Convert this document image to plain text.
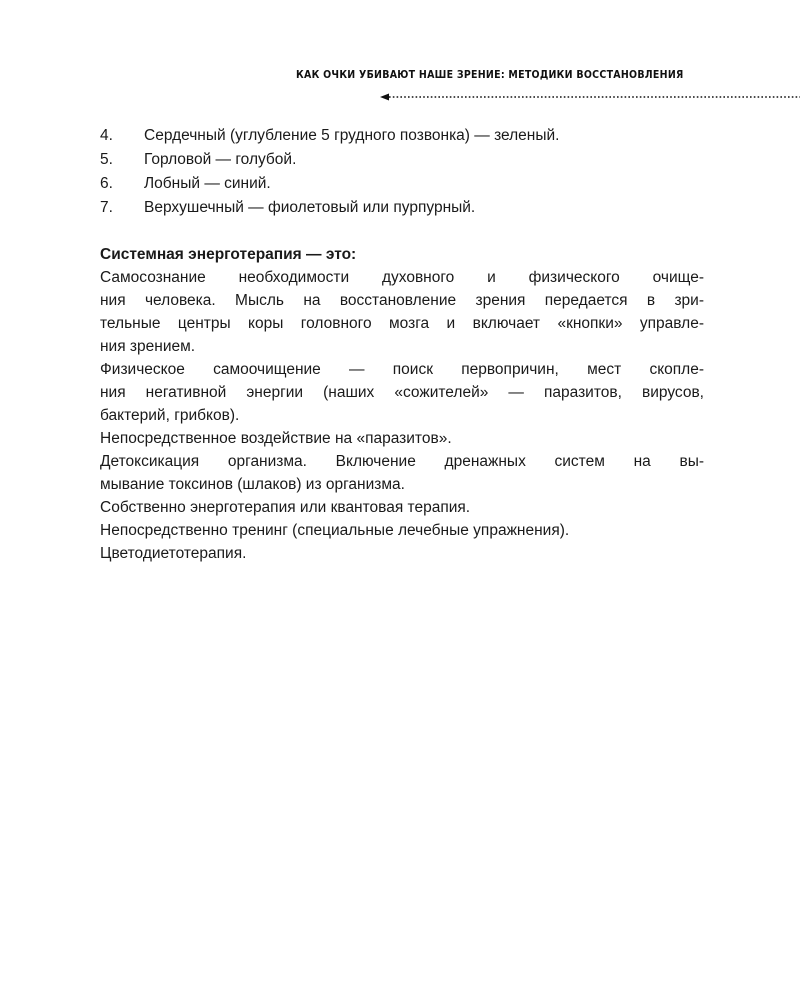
КАК ОЧКИ УБИВАЮТ НАШЕ ЗРЕНИЕ: МЕТОДИКИ ВОССТАНОВЛЕНИЯ
4.	Сердечный (углубление 5 грудного позвонка) — зеленый.
5.	Горловой — голубой.
6.	Лобный — синий.
7.	Верхушечный — фиолетовый или пурпурный.
Системная энерготерапия — это:

Самосознание необходимости духовного и физического очище-
ния человека. Мысль на восстановление зрения передается в зри-
тельные центры коры головного мозга и включает «кнопки» управле-
ния зрением.

Физическое самоочищение — поиск первопричин, мест скопле-
ния негативной энергии (наших «сожителей» — паразитов, вирусов,
бактерий, грибков).

Непосредственное воздействие на «паразитов».

Детоксикация организма. Включение дренажных систем на вы-
мывание токсинов (шлаков) из организма.

Собственно энерготерапия или квантовая терапия.

Непосредственно тренинг (специальные лечебные упражнения).

Цветодиетотерапия.
